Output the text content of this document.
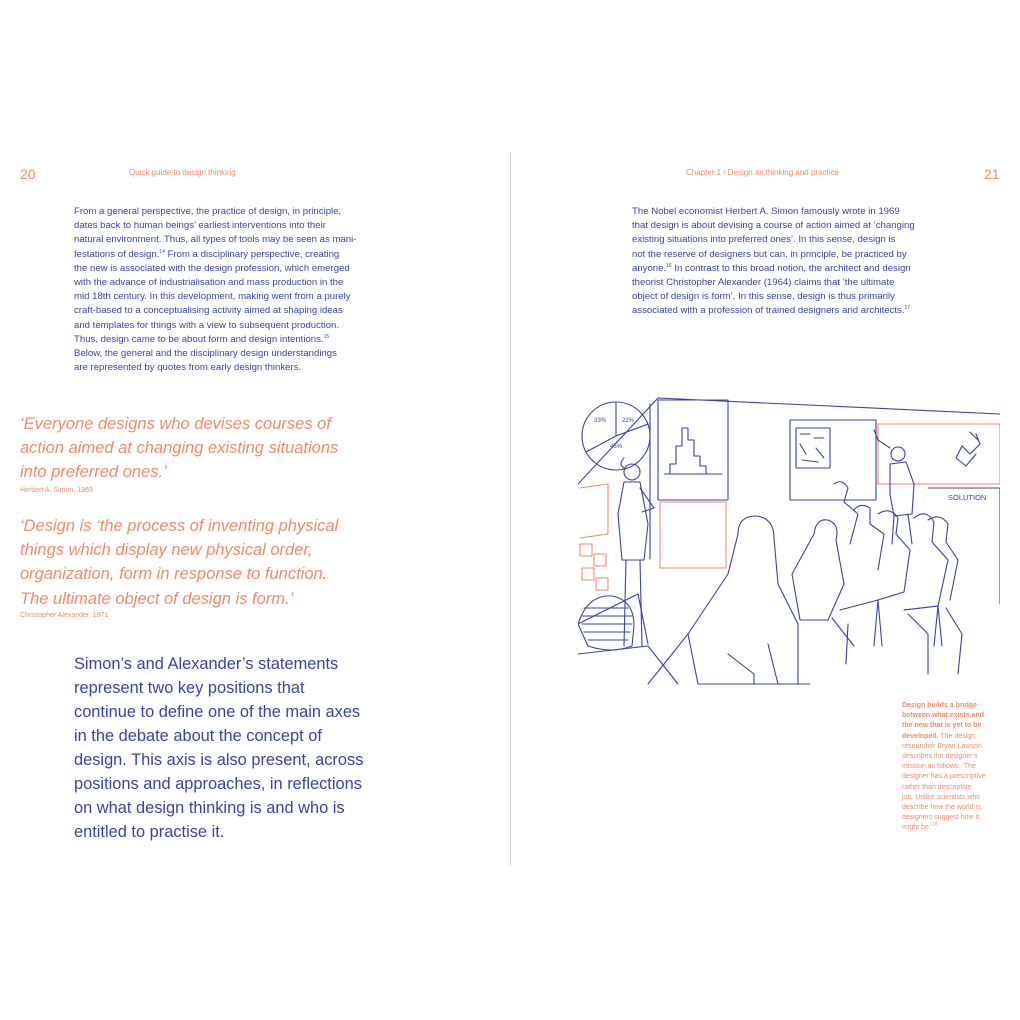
20	Quick guide to design thinking
From a general perspective, the practice of design, in principle,
dates back to human beings’ earliest interventions into their
natural environment. Thus, all types of tools may be seen as mani-
festations of design.$^{14}$ From a disciplinary perspective, creating
the new is associated with the design profession, which emerged
with the advance of industrialisation and mass production in the
mid 18th century. In this development, making went from a purely
craft-based to a conceptualising activity aimed at shaping ideas
and templates for things with a view to subsequent production.
Thus, design came to be about form and design intentions.$^{15}$
Below, the general and the disciplinary design understandings
are represented by quotes from early design thinkers.
‘Everyone designs who devises courses of
action aimed at changing existing situations
into preferred ones.’
Herbert A. Simon, 1969
‘Design is ‘the process of inventing physical
things which display new physical order,
organization, form in response to function.
The ultimate object of design is form.’
Christopher Alexander, 1971
Simon’s and Alexander’s statements
represent two key positions that
continue to define one of the main axes
in the debate about the concept of
design. This axis is also present, across
positions and approaches, in reflections
on what design thinking is and who is
entitled to practise it.
Chapter 1 / Design as thinking and practice	21
The Nobel economist Herbert A. Simon famously wrote in 1969
that design is about devising a course of action aimed at ‘changing
existing situations into preferred ones’. In this sense, design is
not the reserve of designers but can, in principle, be practiced by
anyone.$^{16}$ In contrast to this broad notion, the architect and design
theorist Christopher Alexander (1964) claims that ‘the ultimate
object of design is form’. In this sense, design is thus primarily
associated with a profession of trained designers and architects.$^{17}$
33%	22%
45%
SOLUTION
Design builds a bridge
between what exists and
the new that is yet to be
developed. The design
researcher Bryan Lawson
describes the designer’s
mission as follows: ‘The
designer has a prescriptive
rather than descriptive
job. Unlike scientists who
describe how the world is,
designers suggest how it
might be.’$^{18}$
